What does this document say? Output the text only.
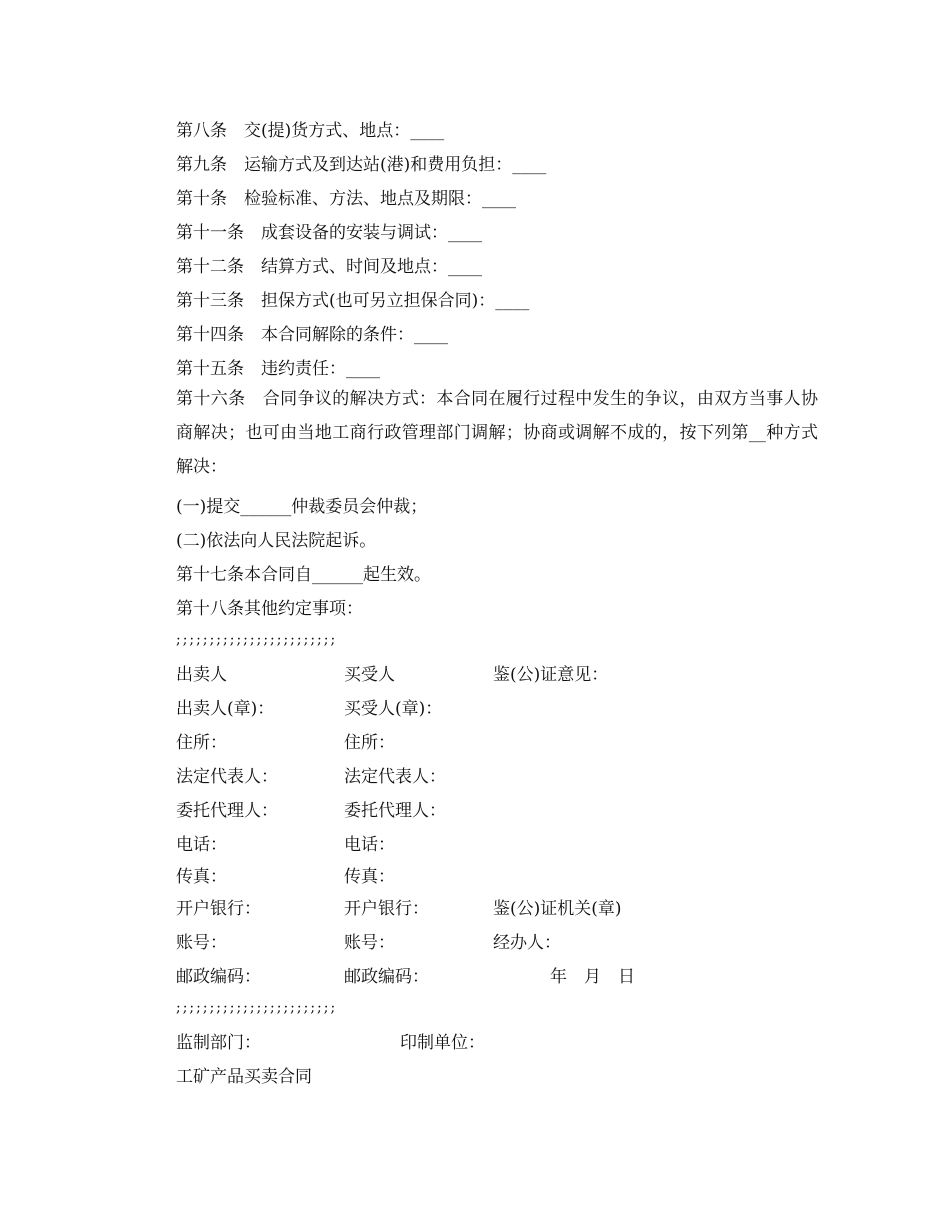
第八条　交(提)货方式、地点：____
第九条　运输方式及到达站(港)和费用负担：____
第十条　检验标准、方法、地点及期限：____
第十一条　成套设备的安装与调试：____
第十二条　结算方式、时间及地点：____
第十三条　担保方式(也可另立担保合同)：____
第十四条　本合同解除的条件：____
第十五条　违约责任：____
第十六条　合同争议的解决方式：本合同在履行过程中发生的争议，由双方当事人协商解决；也可由当地工商行政管理部门调解；协商或调解不成的，按下列第__种方式解决：
(一)提交______仲裁委员会仲裁；
(二)依法向人民法院起诉。
第十七条本合同自______起生效。
第十八条其他约定事项：
;;;;;;;;;;;;;;;;;;;;;;;;
出卖人
出卖人(章)：
住所：
法定代表人：
委托代理人：
电话：
传真：
开户银行：
账号：
邮政编码：
买受人
买受人(章)：
住所：
法定代表人：
委托代理人：
电话：
传真：
开户银行：
账号：
邮政编码：
鉴(公)证意见：
鉴(公)证机关(章)
经办人：
年　月　日
;;;;;;;;;;;;;;;;;;;;;;;;
监制部门：	印制单位：
工矿产品买卖合同
